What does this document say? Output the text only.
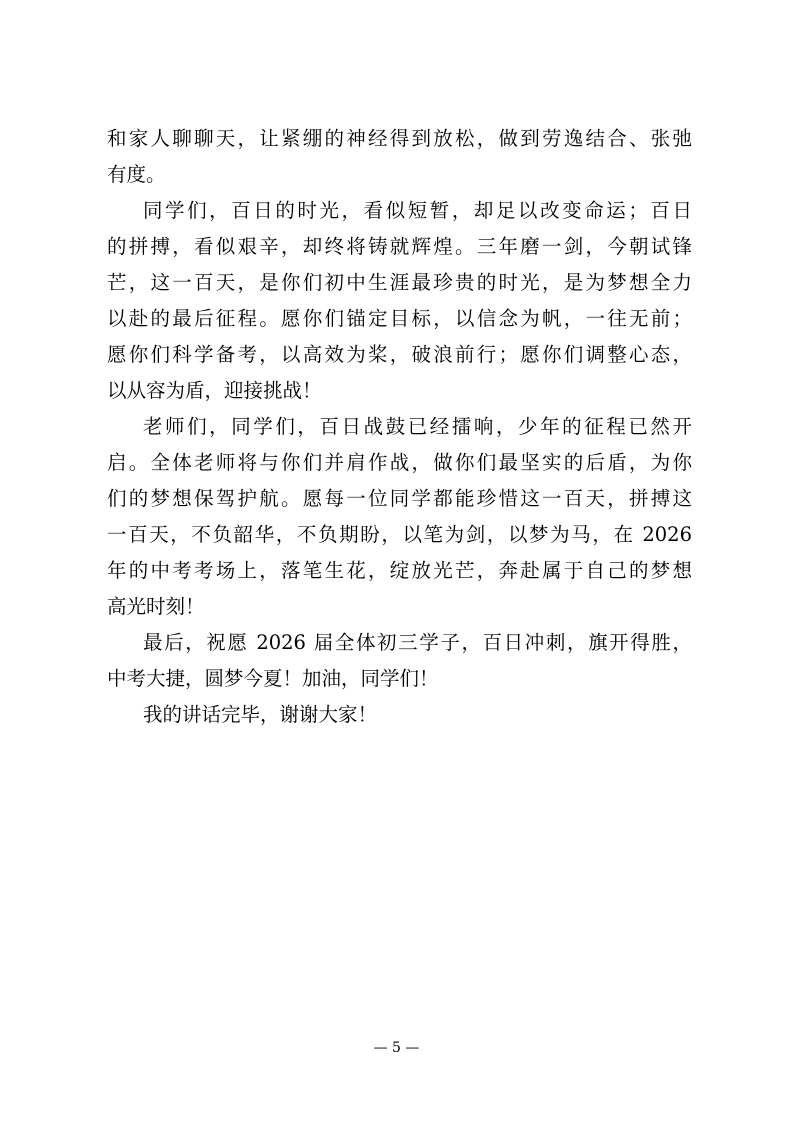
和家人聊聊天，让紧绷的神经得到放松，做到劳逸结合、张弛
有度。
同学们，百日的时光，看似短暂，却足以改变命运；百日
的拼搏，看似艰辛，却终将铸就辉煌。三年磨一剑，今朝试锋
芒，这一百天，是你们初中生涯最珍贵的时光，是为梦想全力
以赴的最后征程。愿你们锚定目标，以信念为帆，一往无前；
愿你们科学备考，以高效为桨，破浪前行；愿你们调整心态，
以从容为盾，迎接挑战！
老师们，同学们，百日战鼓已经擂响，少年的征程已然开
启。全体老师将与你们并肩作战，做你们最坚实的后盾，为你
们的梦想保驾护航。愿每一位同学都能珍惜这一百天，拼搏这
一百天，不负韶华，不负期盼，以笔为剑，以梦为马，在 2026
年的中考考场上，落笔生花，绽放光芒，奔赴属于自己的梦想
高光时刻！
最后，祝愿 2026 届全体初三学子，百日冲刺，旗开得胜，
中考大捷，圆梦今夏！加油，同学们！
我的讲话完毕，谢谢大家！
— 5 —
